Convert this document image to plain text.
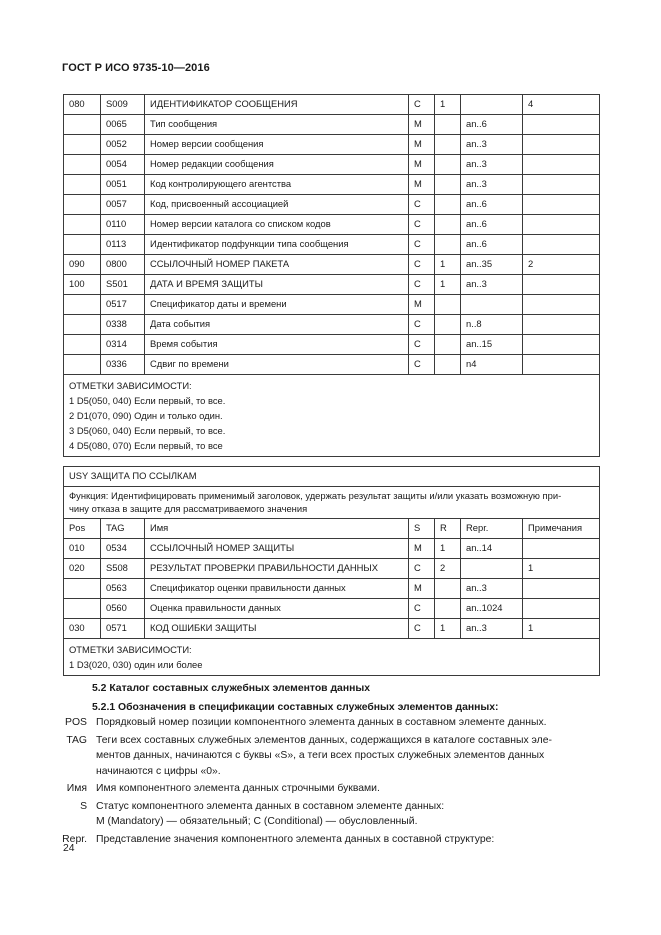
ГОСТ Р ИСО 9735-10—2016
080	S009	ИДЕНТИФИКАТОР СООБЩЕНИЯ	C	1		4
	0065	Тип сообщения	M		an..6	
	0052	Номер версии сообщения	M		an..3	
	0054	Номер редакции сообщения	M		an..3	
	0051	Код контролирующего агентства	M		an..3	
	0057	Код, присвоенный ассоциацией	C		an..6	
	0110	Номер версии каталога со списком кодов	C		an..6	
	0113	Идентификатор подфункции типа сообщения	C		an..6	
090	0800	ССЫЛОЧНЫЙ НОМЕР ПАКЕТА	C	1	an..35	2
100	S501	ДАТА И ВРЕМЯ ЗАЩИТЫ	C	1	an..3	
	0517	Спецификатор даты и времени	M			
	0338	Дата события	C		n..8	
	0314	Время события	C		an..15	
	0336	Сдвиг по времени	C		n4	

ОТМЕТКИ ЗАВИСИМОСТИ:
1 D5(050, 040) Если первый, то все.
2 D1(070, 090) Один и только один.
3 D5(060, 040) Если первый, то все.
4 D5(080, 070) Если первый, то все						
USY ЗАЩИТА ПО ССЫЛКАМ						

Функция: Идентифицировать применимый заголовок, удержать результат защиты и/или указать возможную при-
чину отказа в защите для рассматриваемого значения						

Pos	TAG	Имя	S	R	Repr.	Примечания
010	0534	ССЫЛОЧНЫЙ НОМЕР ЗАЩИТЫ	M	1	an..14	
020	S508	РЕЗУЛЬТАТ ПРОВЕРКИ ПРАВИЛЬНОСТИ ДАННЫХ	C	2		1
	0563	Спецификатор оценки правильности данных	M		an..3	
	0560	Оценка правильности данных	C		an..1024	
030	0571	КОД ОШИБКИ ЗАЩИТЫ	C	1	an..3	1

ОТМЕТКИ ЗАВИСИМОСТИ:
1 D3(020, 030) один или более						
5.2 Каталог составных служебных элементов данных
5.2.1 Обозначения в спецификации составных служебных элементов данных:
POS Порядковый номер позиции компонентного элемента данных в составном элементе данных.
TAG Теги всех составных служебных элементов данных, содержащихся в каталоге составных эле-
ментов данных, начинаются с буквы «S», а теги всех простых служебных элементов данных
начинаются с цифры «0».
Имя Имя компонентного элемента данных строчными буквами.
S Статус компонентного элемента данных в составном элементе данных:
M (Mandatory) — обязательный; C (Conditional) — обусловленный.
Repr. Представление значения компонентного элемента данных в составной структуре:
24
